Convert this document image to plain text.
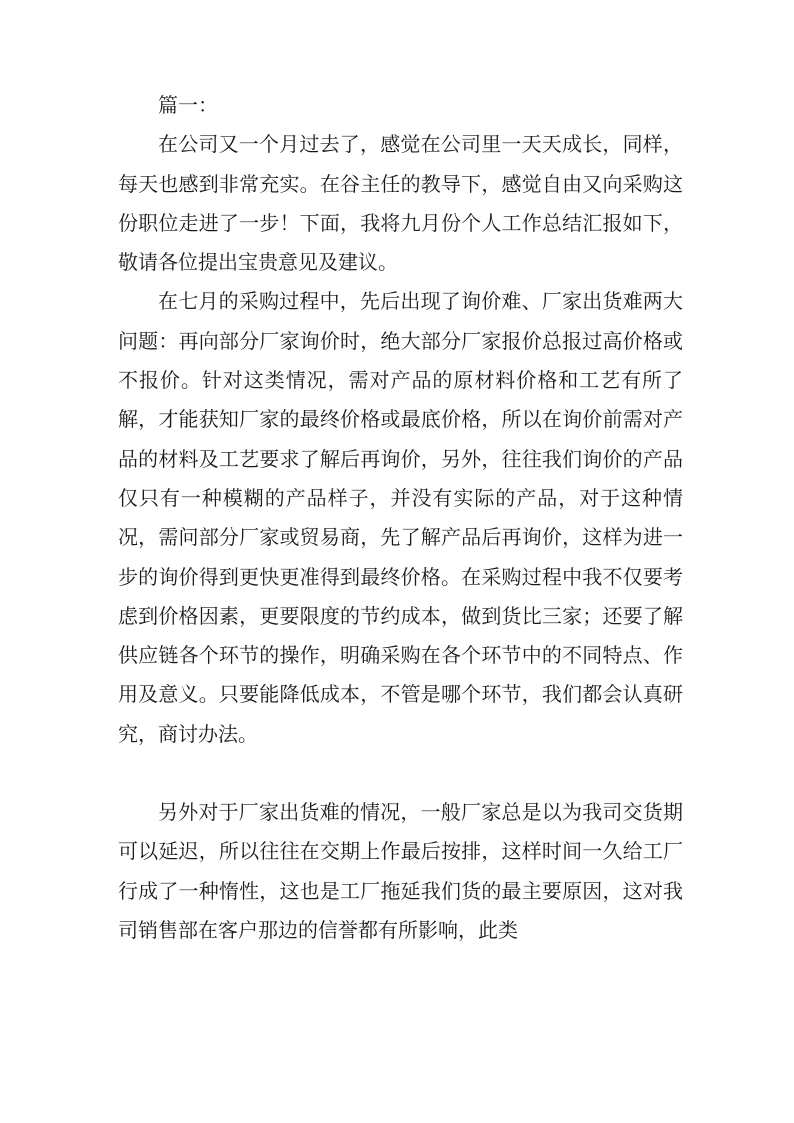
篇一：

在公司又一个月过去了，感觉在公司里一天天成长，同样，每天也感到非常充实。在谷主任的教导下，感觉自由又向采购这份职位走进了一步！下面，我将九月份个人工作总结汇报如下，敬请各位提出宝贵意见及建议。

在七月的采购过程中，先后出现了询价难、厂家出货难两大问题：再向部分厂家询价时，绝大部分厂家报价总报过高价格或不报价。针对这类情况，需对产品的原材料价格和工艺有所了解，才能获知厂家的最终价格或最底价格，所以在询价前需对产品的材料及工艺要求了解后再询价，另外，往往我们询价的产品仅只有一种模糊的产品样子，并没有实际的产品，对于这种情况，需问部分厂家或贸易商，先了解产品后再询价，这样为进一步的询价得到更快更准得到最终价格。在采购过程中我不仅要考虑到价格因素，更要限度的节约成本，做到货比三家；还要了解供应链各个环节的操作，明确采购在各个环节中的不同特点、作用及意义。只要能降低成本，不管是哪个环节，我们都会认真研究，商讨办法。

另外对于厂家出货难的情况，一般厂家总是以为我司交货期可以延迟，所以往往在交期上作最后按排，这样时间一久给工厂行成了一种惰性，这也是工厂拖延我们货的最主要原因，这对我司销售部在客户那边的信誉都有所影响，此类
